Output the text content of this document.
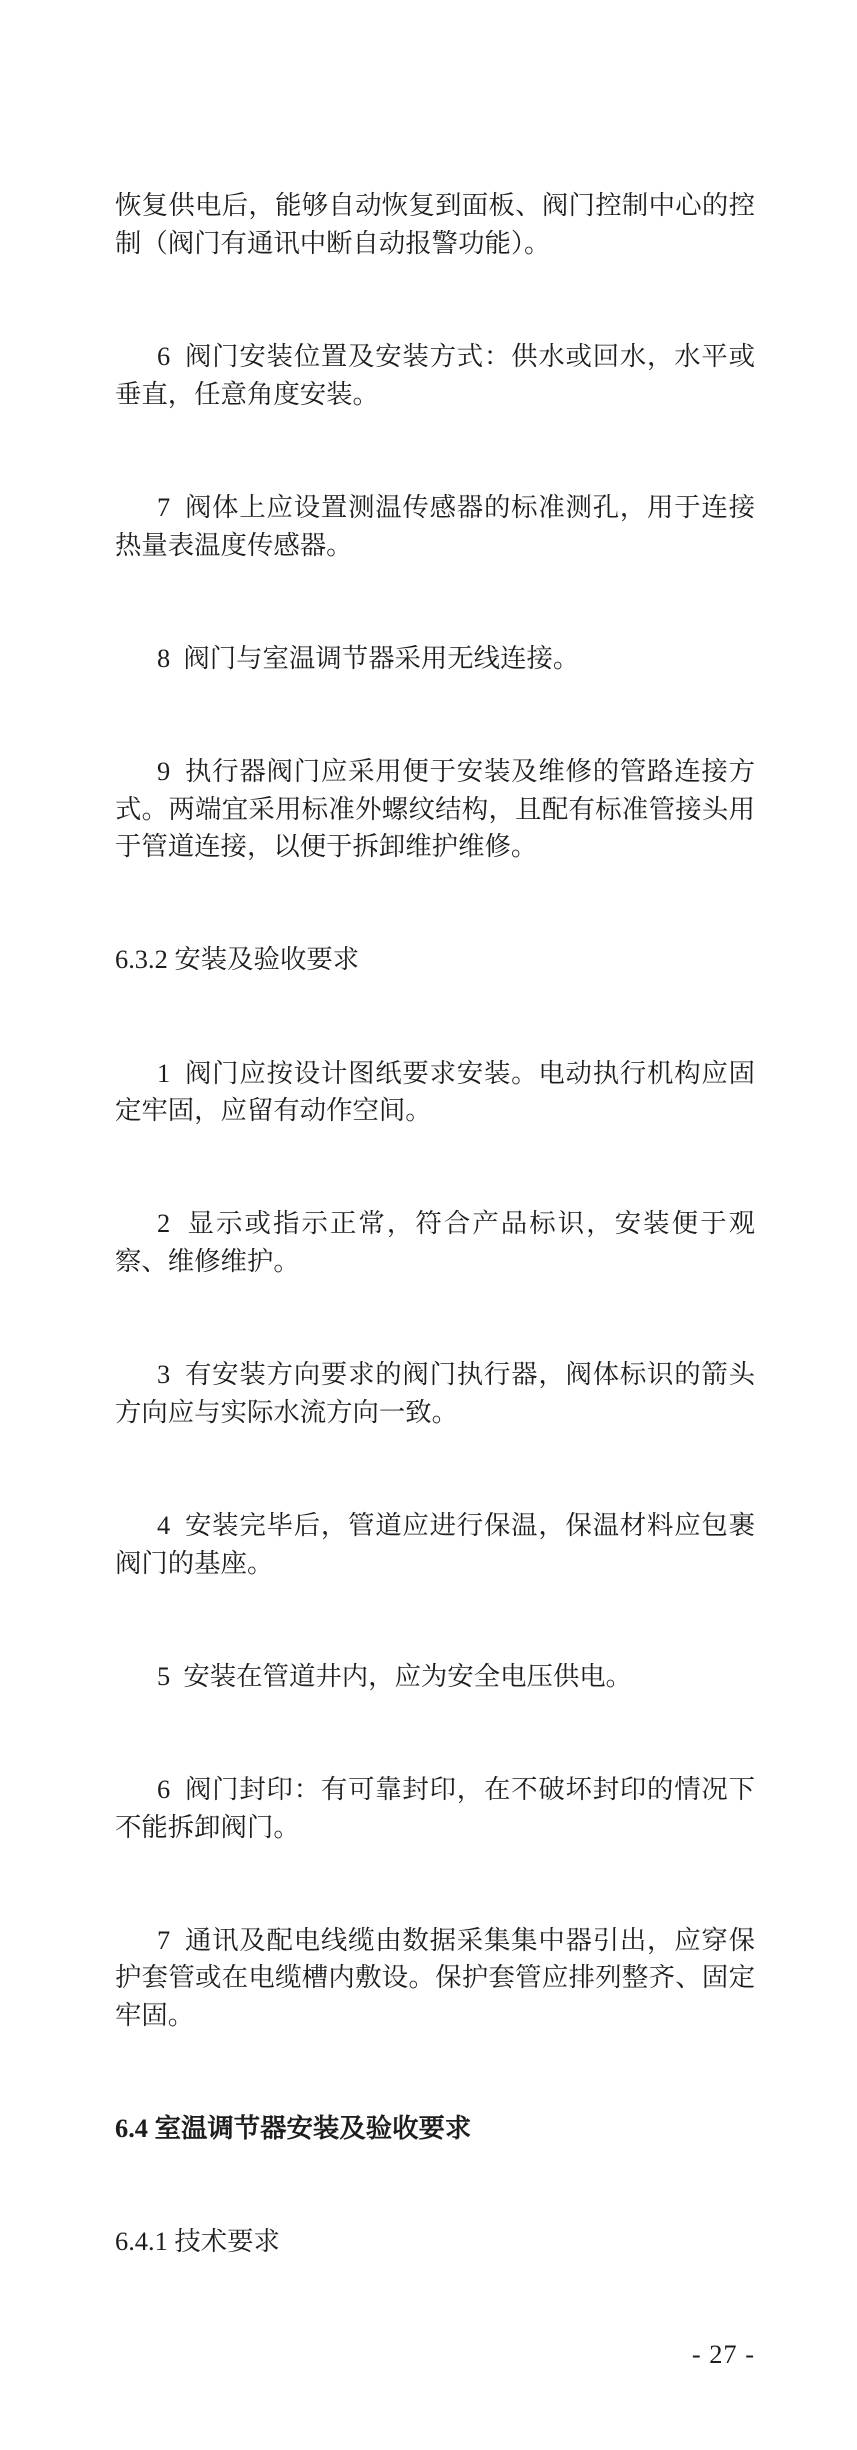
恢复供电后，能够自动恢复到面板、阀门控制中心的控制（阀门有通讯中断自动报警功能）。

6  阀门安装位置及安装方式：供水或回水，水平或垂直，任意角度安装。

7  阀体上应设置测温传感器的标准测孔，用于连接热量表温度传感器。

8  阀门与室温调节器采用无线连接。

9  执行器阀门应采用便于安装及维修的管路连接方式。两端宜采用标准外螺纹结构，且配有标准管接头用于管道连接，以便于拆卸维护维修。

6.3.2 安装及验收要求

1  阀门应按设计图纸要求安装。电动执行机构应固定牢固，应留有动作空间。

2  显示或指示正常，符合产品标识，安装便于观察、维修维护。

3  有安装方向要求的阀门执行器，阀体标识的箭头方向应与实际水流方向一致。

4  安装完毕后，管道应进行保温，保温材料应包裹阀门的基座。

5  安装在管道井内，应为安全电压供电。

6  阀门封印：有可靠封印，在不破坏封印的情况下不能拆卸阀门。

7  通讯及配电线缆由数据采集集中器引出，应穿保护套管或在电缆槽内敷设。保护套管应排列整齐、固定牢固。

6.4 室温调节器安装及验收要求

6.4.1 技术要求

- 27 -
